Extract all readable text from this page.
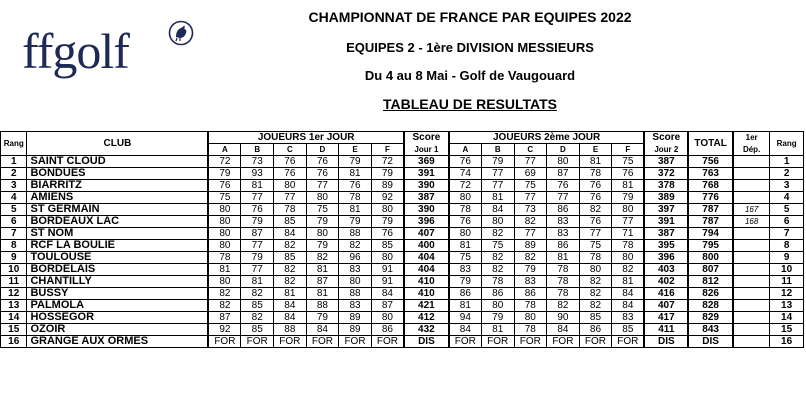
ffgolf
CHAMPIONNAT DE FRANCE PAR EQUIPES 2022
EQUIPES 2 - 1ère DIVISION MESSIEURS
Du 4 au 8 Mai - Golf de Vaugouard
TABLEAU DE RESULTATS
Rang	CLUB	JOUEURS 1er JOUR						Score	JOUEURS 2ème JOUR						Score	TOTAL	1er	Rang
		A	B	C	D	E	F	Jour 1	A	B	C	D	E	F	Jour 2		Dép.	
1	SAINT CLOUD	72	73	76	76	79	72	369	76	79	77	80	81	75	387	756		1
2	BONDUES	79	93	76	76	81	79	391	74	77	69	87	78	76	372	763		2
3	BIARRITZ	76	81	80	77	76	89	390	72	77	75	76	76	81	378	768		3
4	AMIENS	75	77	77	80	78	92	387	80	81	77	77	76	79	389	776		4
5	ST GERMAIN	80	76	78	75	81	80	390	78	84	73	86	82	80	397	787	167	5
6	BORDEAUX LAC	80	79	85	79	79	79	396	76	80	82	83	76	77	391	787	168	6
7	ST NOM	80	87	84	80	88	76	407	80	82	77	83	77	71	387	794		7
8	RCF LA BOULIE	80	77	82	79	82	85	400	81	75	89	86	75	78	395	795		8
9	TOULOUSE	78	79	85	82	96	80	404	75	82	82	81	78	80	396	800		9
10	BORDELAIS	81	77	82	81	83	91	404	83	82	79	78	80	82	403	807		10
11	CHANTILLY	80	81	82	87	80	91	410	79	78	83	78	82	81	402	812		11
12	BUSSY	82	82	81	81	88	84	410	86	86	86	78	82	84	416	826		12
13	PALMOLA	82	85	84	88	83	87	421	81	80	78	82	82	84	407	828		13
14	HOSSEGOR	87	82	84	79	89	80	412	94	79	80	90	85	83	417	829		14
15	OZOIR	92	85	88	84	89	86	432	84	81	78	84	86	85	411	843		15
16	GRANGE AUX ORMES	FOR	FOR	FOR	FOR	FOR	FOR	DIS	FOR	FOR	FOR	FOR	FOR	FOR	DIS	DIS		16
